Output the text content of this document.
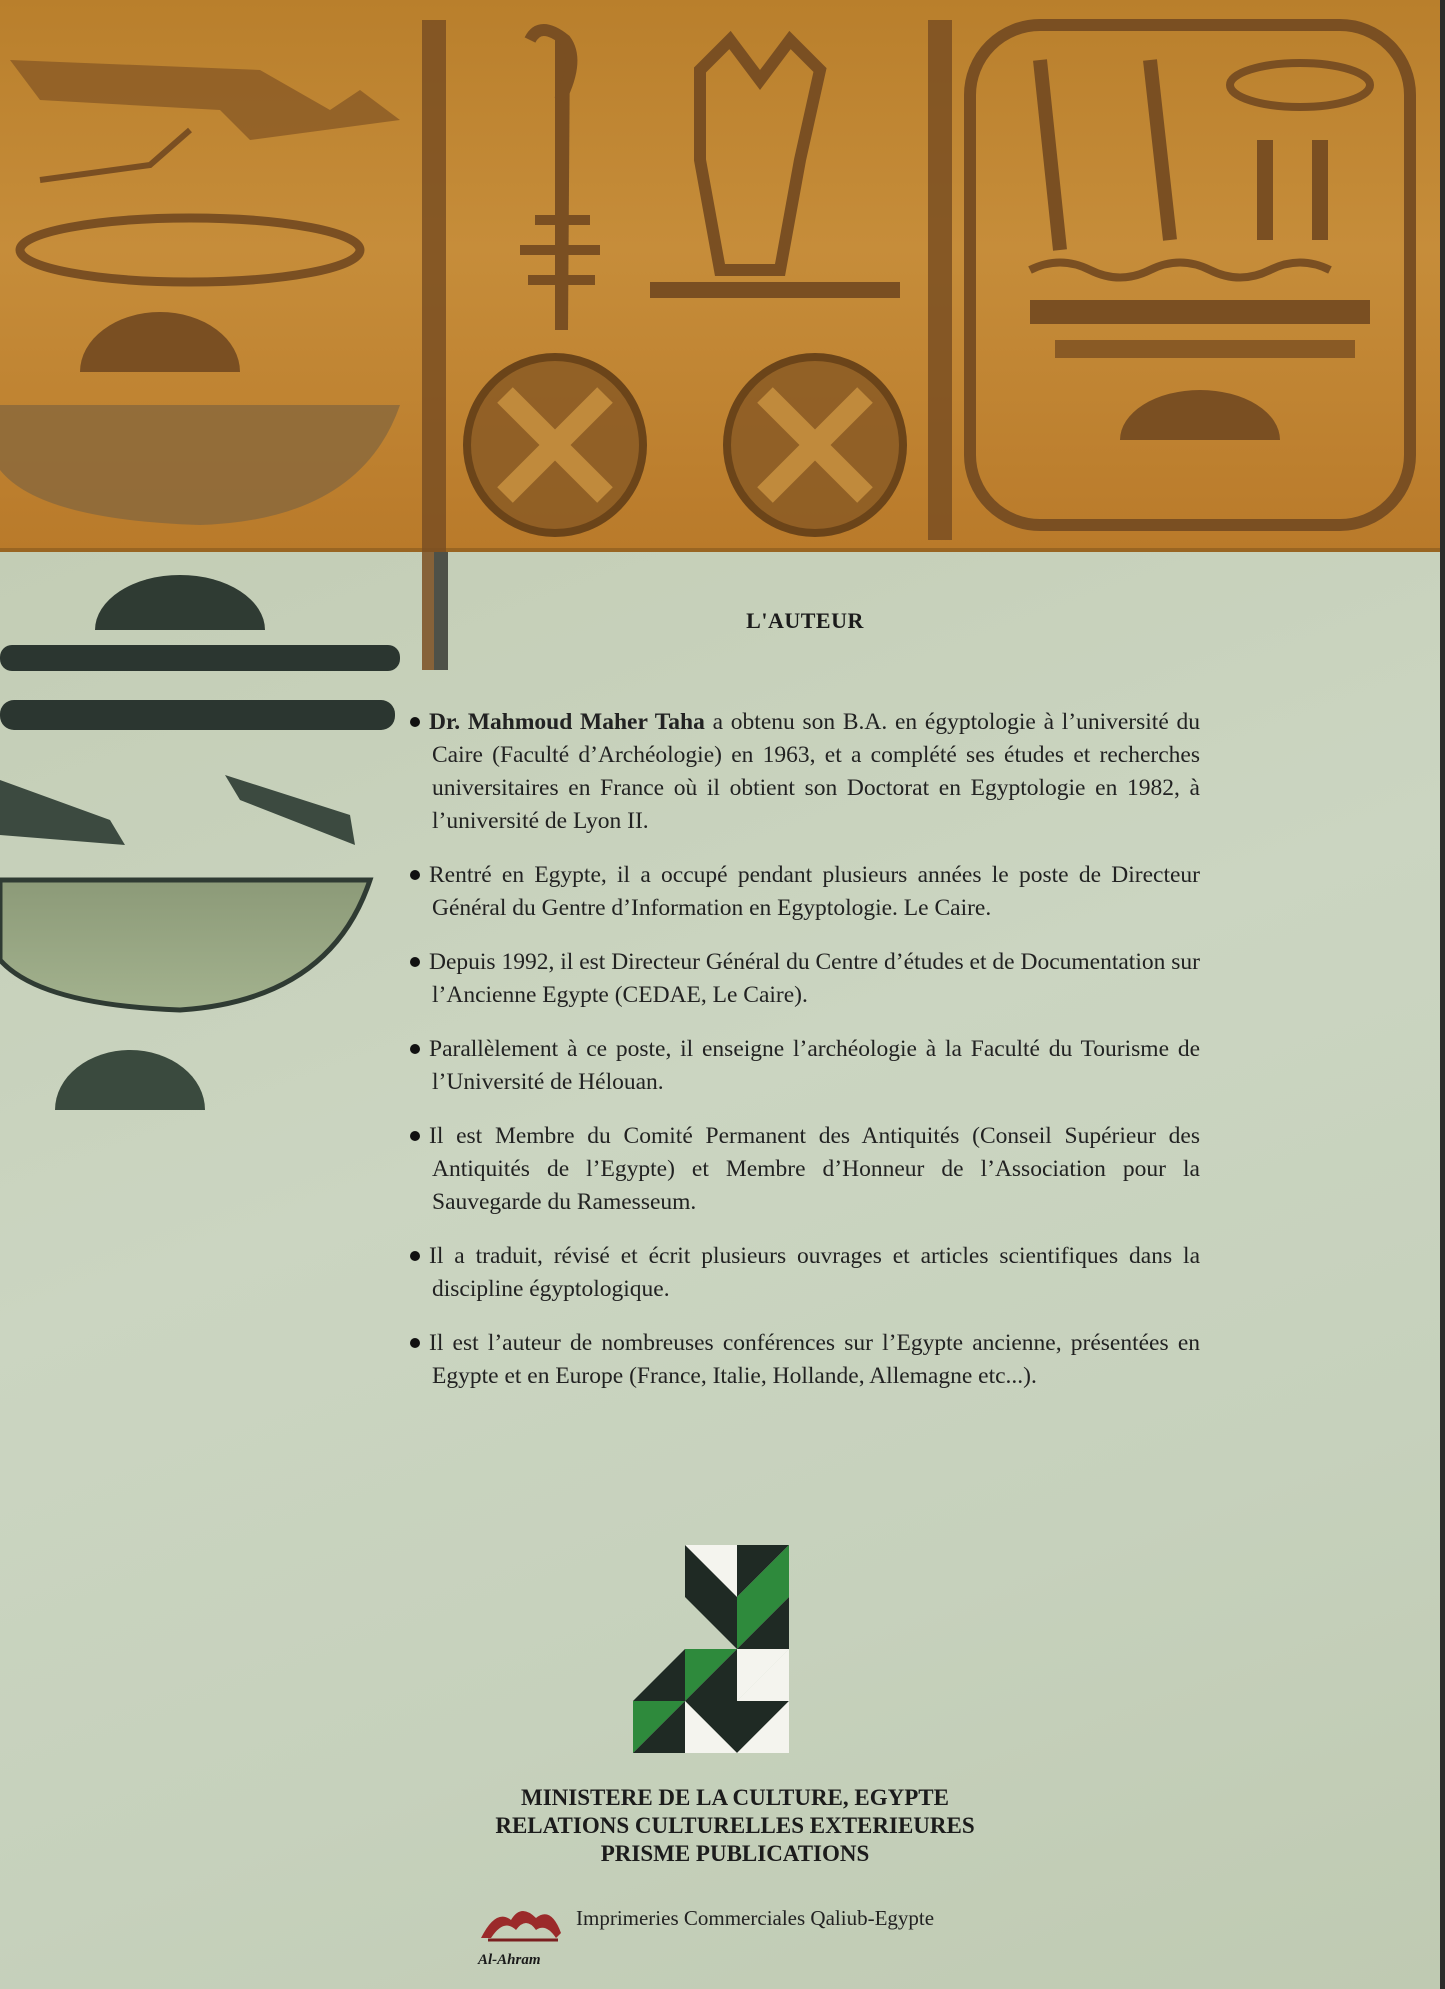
L'AUTEUR

Dr. Mahmoud Maher Taha a obtenu son B.A. en égyptologie à l’université du Caire (Faculté d’Archéologie) en 1963, et a complété ses études et recherches universitaires en France où il obtient son Doctorat en Egyptologie en 1982, à l’université de Lyon II.

Rentré en Egypte, il a occupé pendant plusieurs années le poste de Directeur Général du Gentre d’Information en Egyptologie. Le Caire.

Depuis 1992, il est Directeur Général du Centre d’études et de Documentation sur l’Ancienne Egypte (CEDAE, Le Caire).

Parallèlement à ce poste, il enseigne l’archéologie à la Faculté du Tourisme de l’Université de Hélouan.

Il est Membre du Comité Permanent des Antiquités (Conseil Supérieur des Antiquités de l’Egypte) et Membre d’Honneur de l’Association pour la Sauvegarde du Ramesseum.

Il a traduit, révisé et écrit plusieurs ouvrages et articles scientifiques dans la discipline égyptologique.

Il est l’auteur de nombreuses conférences sur l’Egypte ancienne, présentées en Egypte et en Europe (France, Italie, Hollande, Allemagne etc...).

MINISTERE DE LA CULTURE, EGYPTE
RELATIONS CULTURELLES EXTERIEURES
PRISME PUBLICATIONS
Imprimeries Commerciales Qaliub-Egypte
Al-Ahram
